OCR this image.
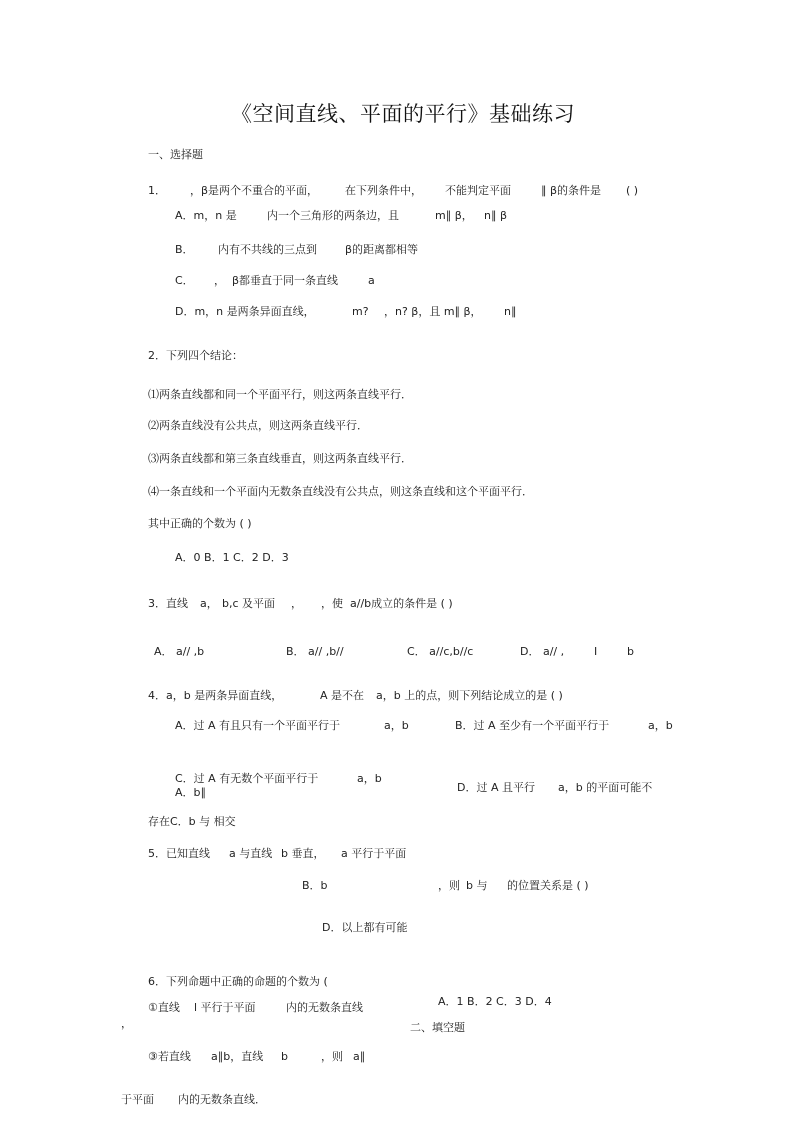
《空间直线、平面的平行》基础练习
一、选择题
1． ，β是两个不重合的平面， 在下列条件中， 不能判定平面	∥ β的条件是 ( )
A．m，n 是	内一个三角形的两条边，且	m∥ β， n∥ β
B． 内有不共线的三点到	β的距离都相等
C． ， β都垂直于同一条直线	a
D．m，n 是两条异面直线，	m? ，n? β，且 m∥ β， n∥
2．下列四个结论：
⑴两条直线都和同一个平面平行，则这两条直线平行．
⑵两条直线没有公共点，则这两条直线平行．
⑶两条直线都和第三条直线垂直，则这两条直线平行．
⑷一条直线和一个平面内无数条直线没有公共点，则这条直线和这个平面平行．
其中正确的个数为 ( )
A．0 B．1 C．2 D．3
3．直线 a， b,c 及平面 ， ，使 a//b成立的条件是 ( )
A． a// ,b	B． a// ,b//	C． a//c,b//c	D． a// ,	I	b
4．a，b 是两条异面直线，	A 是不在 a，b 上的点，则下列结论成立的是 ( )
A．过 A 有且只有一个平面平行于	a，b	B．过 A 至少有一个平面平行于	a，b
C．过 A 有无数个平面平行于	a，b
D．过 A 且平行 a，b 的平面可能不
A．b∥
存在C．b 与 相交
5．已知直线 a 与直线 b 垂直， a 平行于平面
B．b	，则 b 与 的位置关系是 ( )
D．以上都有可能
6．下列命题中正确的命题的个数为 (
①直线 l 平行于平面	内的无数条直线	A．1 B．2 C．3 D．4
，	二、填空题
③若直线 a∥b，直线 b	，则 a∥
于平面 内的无数条直线．
